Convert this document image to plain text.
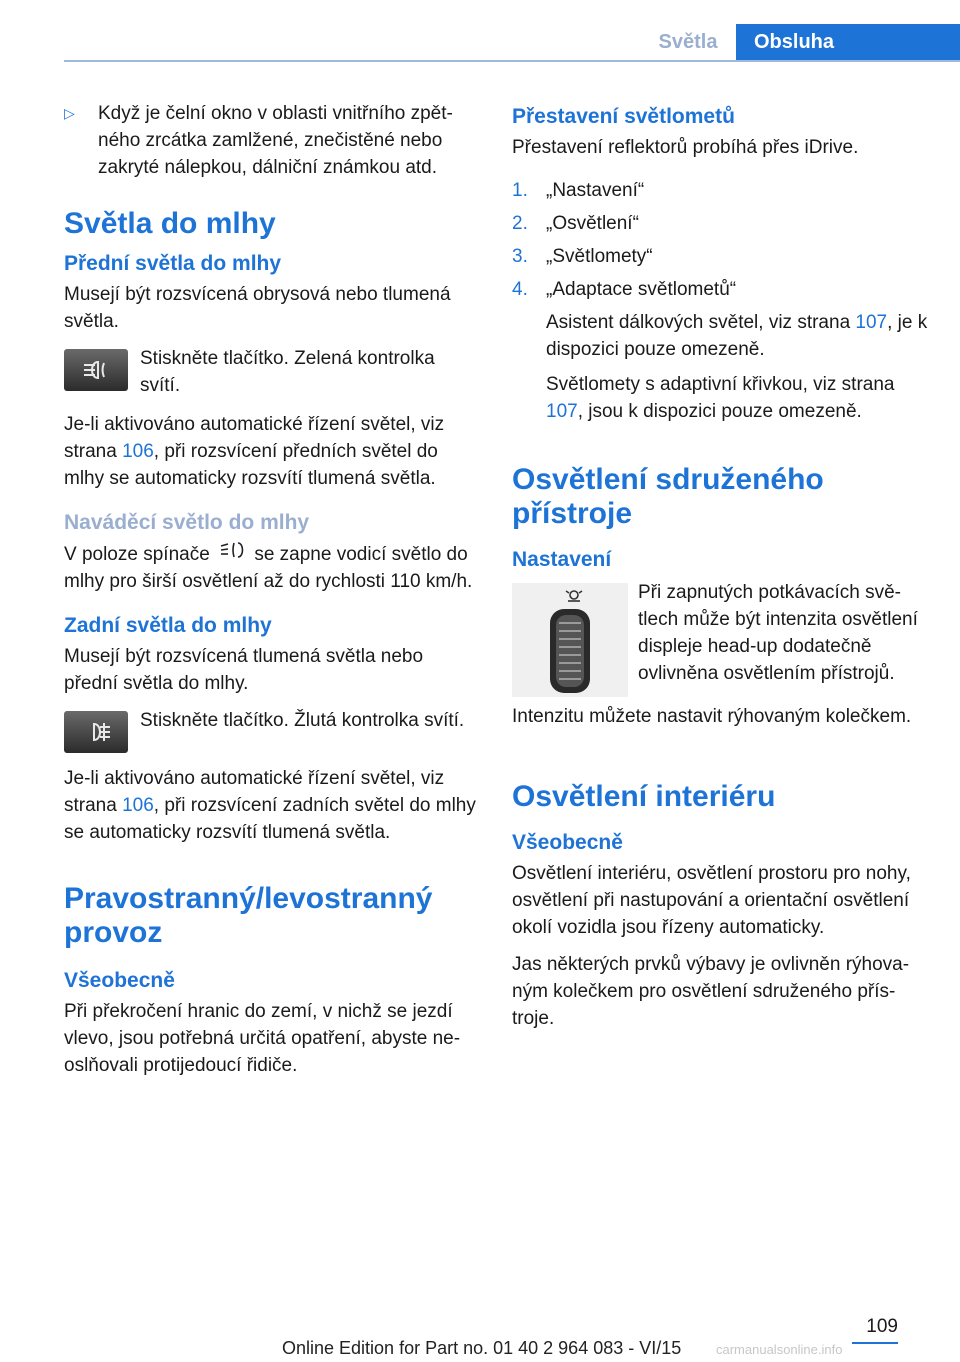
Světla	Obsluha
▷	Když je čelní okno v oblasti vnitřního zpětného zrcátka zamlžené, znečistěné nebo zakryté nálepkou, dálniční známkou atd.
Světla do mlhy
Přední světla do mlhy

Musejí být rozsvícená obrysová nebo tlumená světla.

Stiskněte tlačítko. Zelená kontrolka svítí.

Je-li aktivováno automatické řízení světel, viz strana 106, při rozsvícení předních světel do mlhy se automaticky rozsvítí tlumená světla.

Naváděcí světlo do mlhy

V poloze spínače  se zapne vodicí světlo do mlhy pro širší osvětlení až do rychlosti 110 km/h.

Zadní světla do mlhy

Musejí být rozsvícená tlumená světla nebo přední světla do mlhy.

Stiskněte tlačítko. Žlutá kontrolka svítí.

Je-li aktivováno automatické řízení světel, viz strana 106, při rozsvícení zadních světel do mlhy se automaticky rozsvítí tlumená světla.

Pravostranný/levostranný provoz
Všeobecně

Při překročení hranic do zemí, v nichž se jezdí vlevo, jsou potřebná určitá opatření, abyste neoslňovali protijedoucí řidiče.

Přestavení světlometů

Přestavení reflektorů probíhá přes iDrive.

1. „Nastavení“
2. „Osvětlení“
3. „Světlomety“
4. „Adaptace světlometů“
Asistent dálkových světel, viz strana 107, je k dispozici pouze omezeně.
Světlomety s adaptivní křivkou, viz strana 107, jsou k dispozici pouze omezeně.
Osvětlení sdruženého přístroje
Nastavení
Při zapnutých potkávacích světlech může být intenzita osvětlení displeje head-up dodatečně ovlivněna osvětlením přístrojů.

Intenzitu můžete nastavit rýhovaným kolečkem.

Osvětlení interiéru
Všeobecně

Osvětlení interiéru, osvětlení prostoru pro nohy, osvětlení při nastupování a orientační osvětlení okolí vozidla jsou řízeny automaticky.

Jas některých prvků výbavy je ovlivněn rýhovaným kolečkem pro osvětlení sdruženého přístroje.

109
Online Edition for Part no. 01 40 2 964 083 - VI/15	carmanualsonline.info
